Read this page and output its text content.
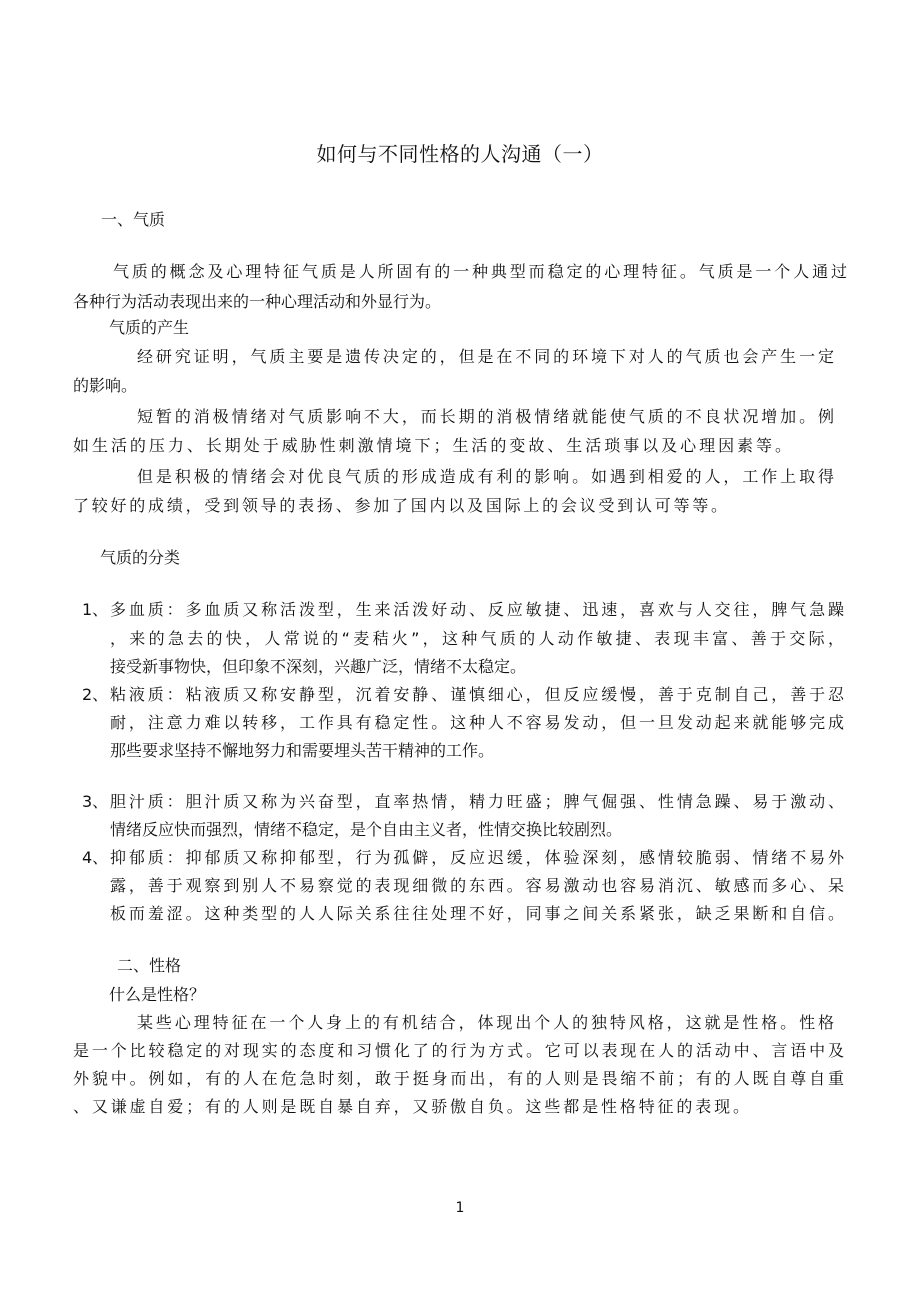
如何与不同性格的人沟通（一）
一、气质
气质的概念及心理特征气质是人所固有的一种典型而稳定的心理特征。气质是一个人通过
各种行为活动表现出来的一种心理活动和外显行为。
气质的产生
经研究证明，气质主要是遗传决定的，但是在不同的环境下对人的气质也会产生一定
的影响。
短暂的消极情绪对气质影响不大，而长期的消极情绪就能使气质的不良状况增加。例
如生活的压力、长期处于威胁性刺激情境下；生活的变故、生活琐事以及心理因素等。
但是积极的情绪会对优良气质的形成造成有利的影响。如遇到相爱的人，工作上取得
了较好的成绩，受到领导的表扬、参加了国内以及国际上的会议受到认可等等。
气质的分类
1、 多血质：多血质又称活泼型，生来活泼好动、反应敏捷、迅速，喜欢与人交往，脾气急躁
，来的急去的快，人常说的“麦秸火”，这种气质的人动作敏捷、表现丰富、善于交际，
接受新事物快，但印象不深刻，兴趣广泛，情绪不太稳定。
2、 粘液质：粘液质又称安静型，沉着安静、谨慎细心，但反应缓慢，善于克制自己，善于忍
耐，注意力难以转移，工作具有稳定性。这种人不容易发动，但一旦发动起来就能够完成
那些要求坚持不懈地努力和需要埋头苦干精神的工作。
3、 胆汁质：胆汁质又称为兴奋型，直率热情，精力旺盛；脾气倔强、性情急躁、易于激动、
情绪反应快而强烈，情绪不稳定，是个自由主义者，性情交换比较剧烈。
4、 抑郁质：抑郁质又称抑郁型，行为孤僻，反应迟缓，体验深刻，感情较脆弱、情绪不易外
露，善于观察到别人不易察觉的表现细微的东西。容易激动也容易消沉、敏感而多心、呆
板而羞涩。这种类型的人人际关系往往处理不好，同事之间关系紧张，缺乏果断和自信。
二、性格
什么是性格？
某些心理特征在一个人身上的有机结合，体现出个人的独特风格，这就是性格。性格
是一个比较稳定的对现实的态度和习惯化了的行为方式。它可以表现在人的活动中、言语中及
外貌中。例如，有的人在危急时刻，敢于挺身而出，有的人则是畏缩不前；有的人既自尊自重
、又谦虚自爱；有的人则是既自暴自弃，又骄傲自负。这些都是性格特征的表现。
1
